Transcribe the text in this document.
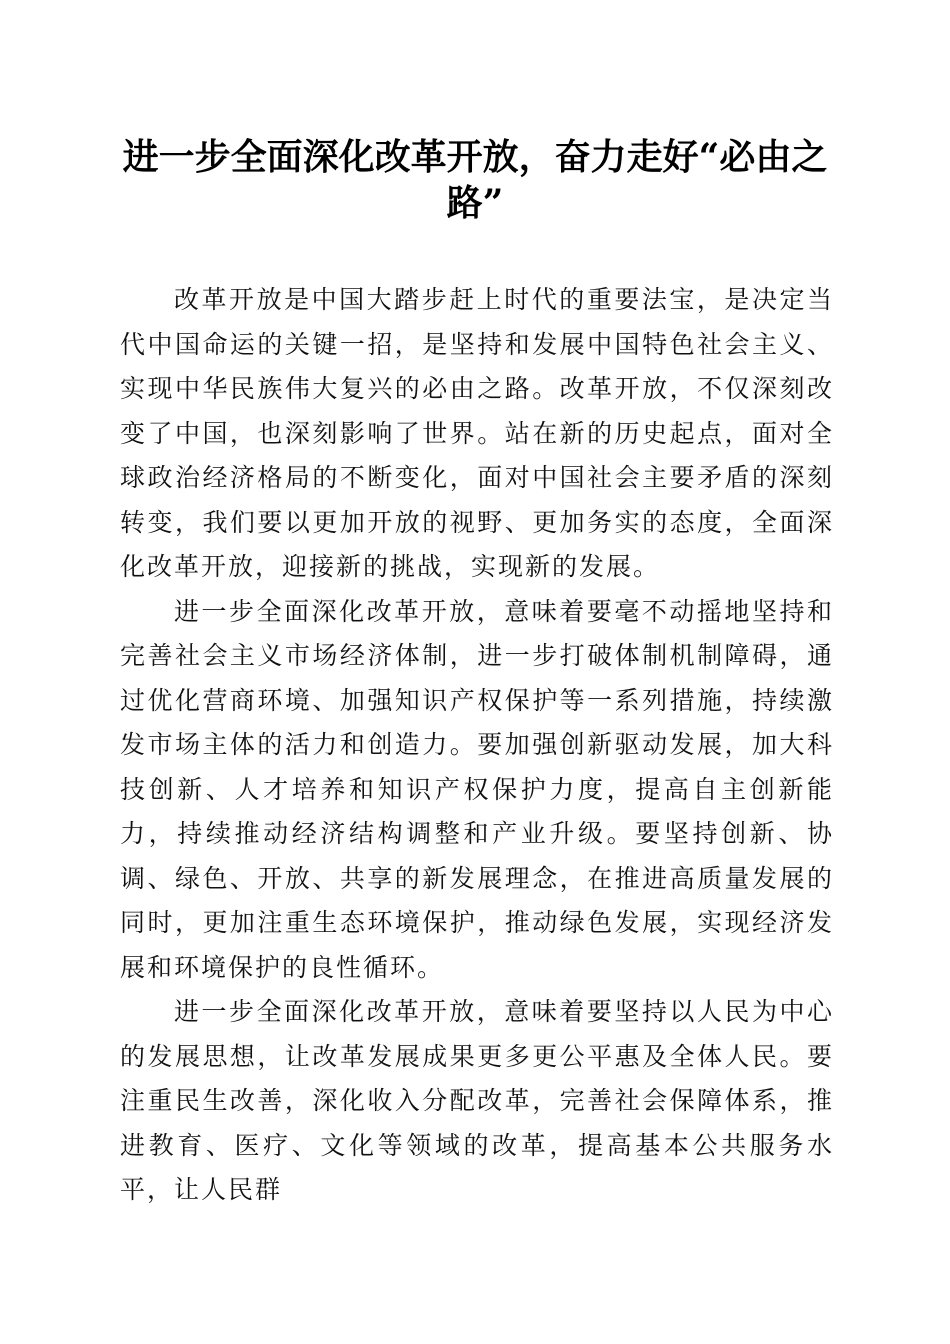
进一步全面深化改革开放，奋力走好“必由之路”

改革开放是中国大踏步赶上时代的重要法宝，是决定当代中国命运的关键一招，是坚持和发展中国特色社会主义、实现中华民族伟大复兴的必由之路。改革开放，不仅深刻改变了中国，也深刻影响了世界。站在新的历史起点，面对全球政治经济格局的不断变化，面对中国社会主要矛盾的深刻转变，我们要以更加开放的视野、更加务实的态度，全面深化改革开放，迎接新的挑战，实现新的发展。

进一步全面深化改革开放，意味着要毫不动摇地坚持和完善社会主义市场经济体制，进一步打破体制机制障碍，通过优化营商环境、加强知识产权保护等一系列措施，持续激发市场主体的活力和创造力。要加强创新驱动发展，加大科技创新、人才培养和知识产权保护力度，提高自主创新能力，持续推动经济结构调整和产业升级。要坚持创新、协调、绿色、开放、共享的新发展理念，在推进高质量发展的同时，更加注重生态环境保护，推动绿色发展，实现经济发展和环境保护的良性循环。

进一步全面深化改革开放，意味着要坚持以人民为中心的发展思想，让改革发展成果更多更公平惠及全体人民。要注重民生改善，深化收入分配改革，完善社会保障体系，推进教育、医疗、文化等领域的改革，提高基本公共服务水平，让人民群
